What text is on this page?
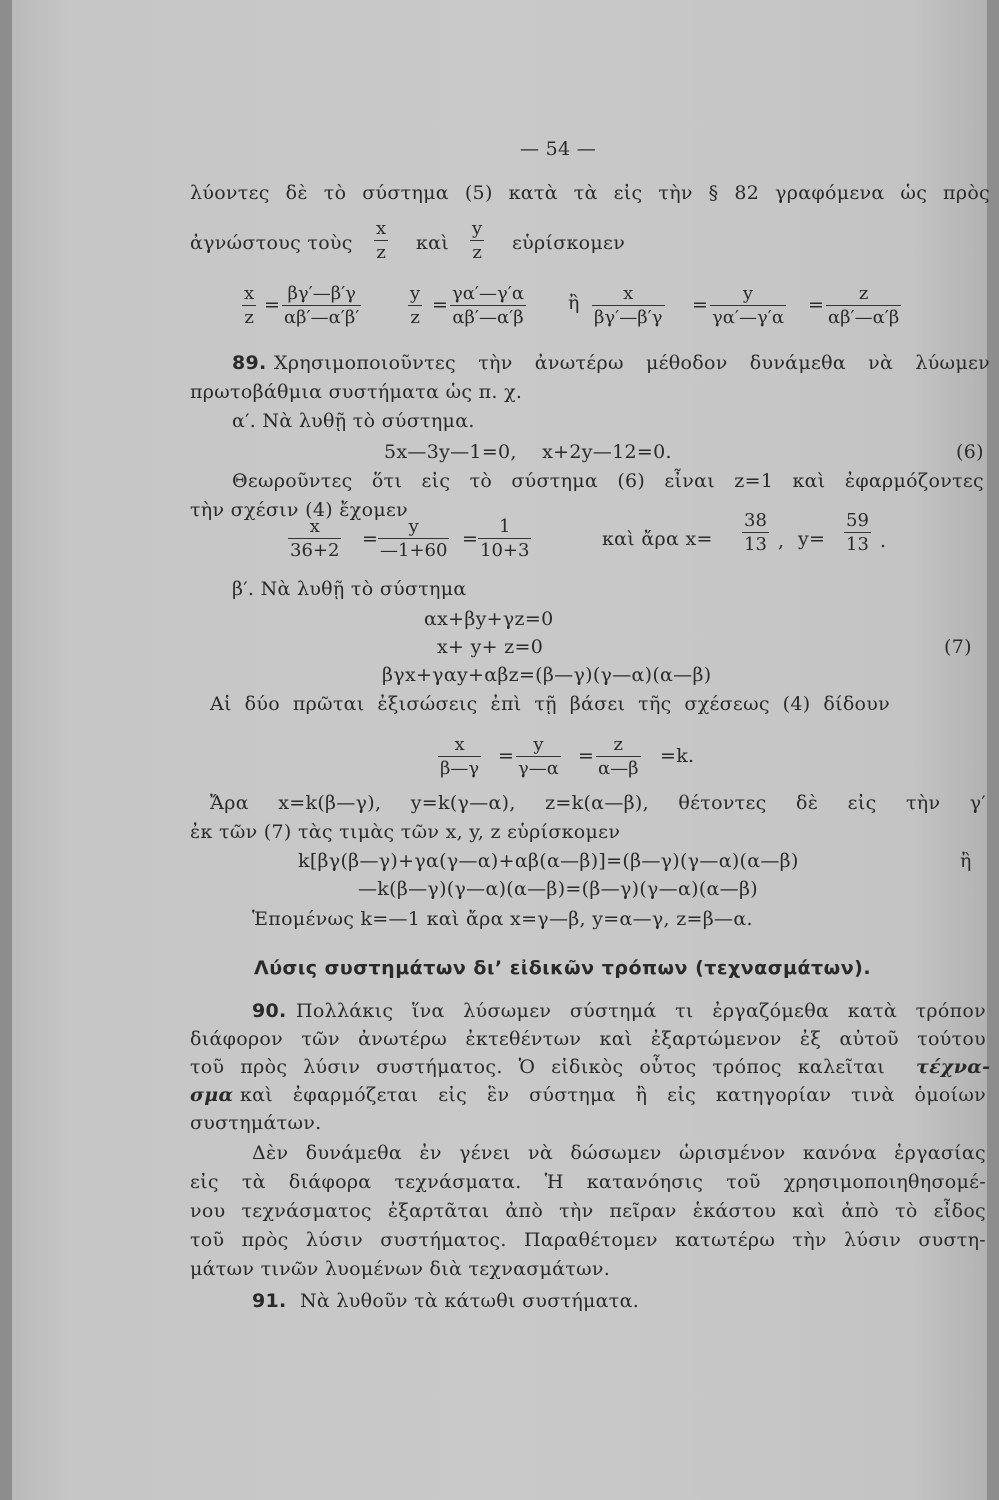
— 54 —
λύοντες δὲ τὸ σύστημα (5) κατὰ τὰ εἰς τὴν § 82 γραφόμενα ὡς πρὸς
ἀγνώστους τοὺς $\frac{x}{z}$ καὶ $\frac{y}{z}$ εὑρίσκομεν
$\frac{x}{z} = \frac{\beta\gamma'—\beta'\gamma}{\alpha\beta'—\alpha'\beta'}$	$\frac{y}{z} = \frac{\gamma\alpha'—\gamma'\alpha}{\alpha\beta'—\alpha'\beta}$ ἢ $\frac{x}{\beta\gamma'—\beta'\gamma} = \frac{y}{\gamma\alpha'—\gamma'\alpha} = \frac{z}{\alpha\beta'—\alpha'\beta}$
89. Χρησιμοποιοῦντες τὴν ἀνωτέρω μέθοδον δυνάμεθα νὰ λύωμεν
πρωτοβάθμια συστήματα ὡς π. χ.
α′. Νὰ λυθῇ τὸ σύστημα.
5x—3y—1=0,    x+2y—12=0.	(6)
Θεωροῦντες ὅτι εἰς τὸ σύστημα (6) εἶναι z=1 καὶ ἐφαρμόζοντες
τὴν σχέσιν (4) ἔχομεν
$\frac{x}{36+2} = \frac{y}{—1+60} = \frac{1}{10+3}$	καὶ ἄρα $x= \frac{38}{13}$ , $y= \frac{59}{13}$ .
β′. Νὰ λυθῇ τὸ σύστημα
αx+βy+γz=0
x+ y+ z=0
βγx+γαy+αβz=(β—γ)(γ—α)(α—β)
(7)
Αἱ δύο πρῶται ἐξισώσεις ἐπὶ τῇ βάσει τῆς σχέσεως (4) δίδουν
$\frac{x}{\beta—\gamma} = \frac{y}{\gamma—\alpha} = \frac{z}{\alpha—\beta} =k$.
Ἄρα x=k(β—γ), y=k(γ—α), z=k(α—β), θέτοντες δὲ εἰς τὴν γ′
ἐκ τῶν (7) τὰς τιμὰς τῶν x, y, z εὑρίσκομεν
k[βγ(β—γ)+γα(γ—α)+αβ(α—β)]=(β—γ)(γ—α)(α—β)	ἢ
—k(β—γ)(γ—α)(α—β)=(β—γ)(γ—α)(α—β)
Ἑπομένως k=—1 καὶ ἄρα x=γ—β, y=α—γ, z=β—α.
Λύσις συστημάτων δι’ εἰδικῶν τρόπων (τεχνασμάτων).
90. Πολλάκις ἵνα λύσωμεν σύστημά τι ἐργαζόμεθα κατὰ τρόπον
διάφορον τῶν ἀνωτέρω ἐκτεθέντων καὶ ἐξαρτώμενον ἐξ αὐτοῦ τούτου
τοῦ πρὸς λύσιν συστήματος. Ὁ εἰδικὸς οὗτος τρόπος καλεῖται τέχνα-
σμα καὶ ἐφαρμόζεται εἰς ἓν σύστημα ἢ εἰς κατηγορίαν τινὰ ὁμοίων
συστημάτων.
Δὲν δυνάμεθα ἐν γένει νὰ δώσωμεν ὡρισμένον κανόνα ἐργασίας
εἰς τὰ διάφορα τεχνάσματα. Ἡ κατανόησις τοῦ χρησιμοποιηθησομέ-
νου τεχνάσματος ἐξαρτᾶται ἀπὸ τὴν πεῖραν ἑκάστου καὶ ἀπὸ τὸ εἶδος
τοῦ πρὸς λύσιν συστήματος. Παραθέτομεν κατωτέρω τὴν λύσιν συστη-
μάτων τινῶν λυομένων διὰ τεχνασμάτων.
91. Νὰ λυθοῦν τὰ κάτωθι συστήματα.
